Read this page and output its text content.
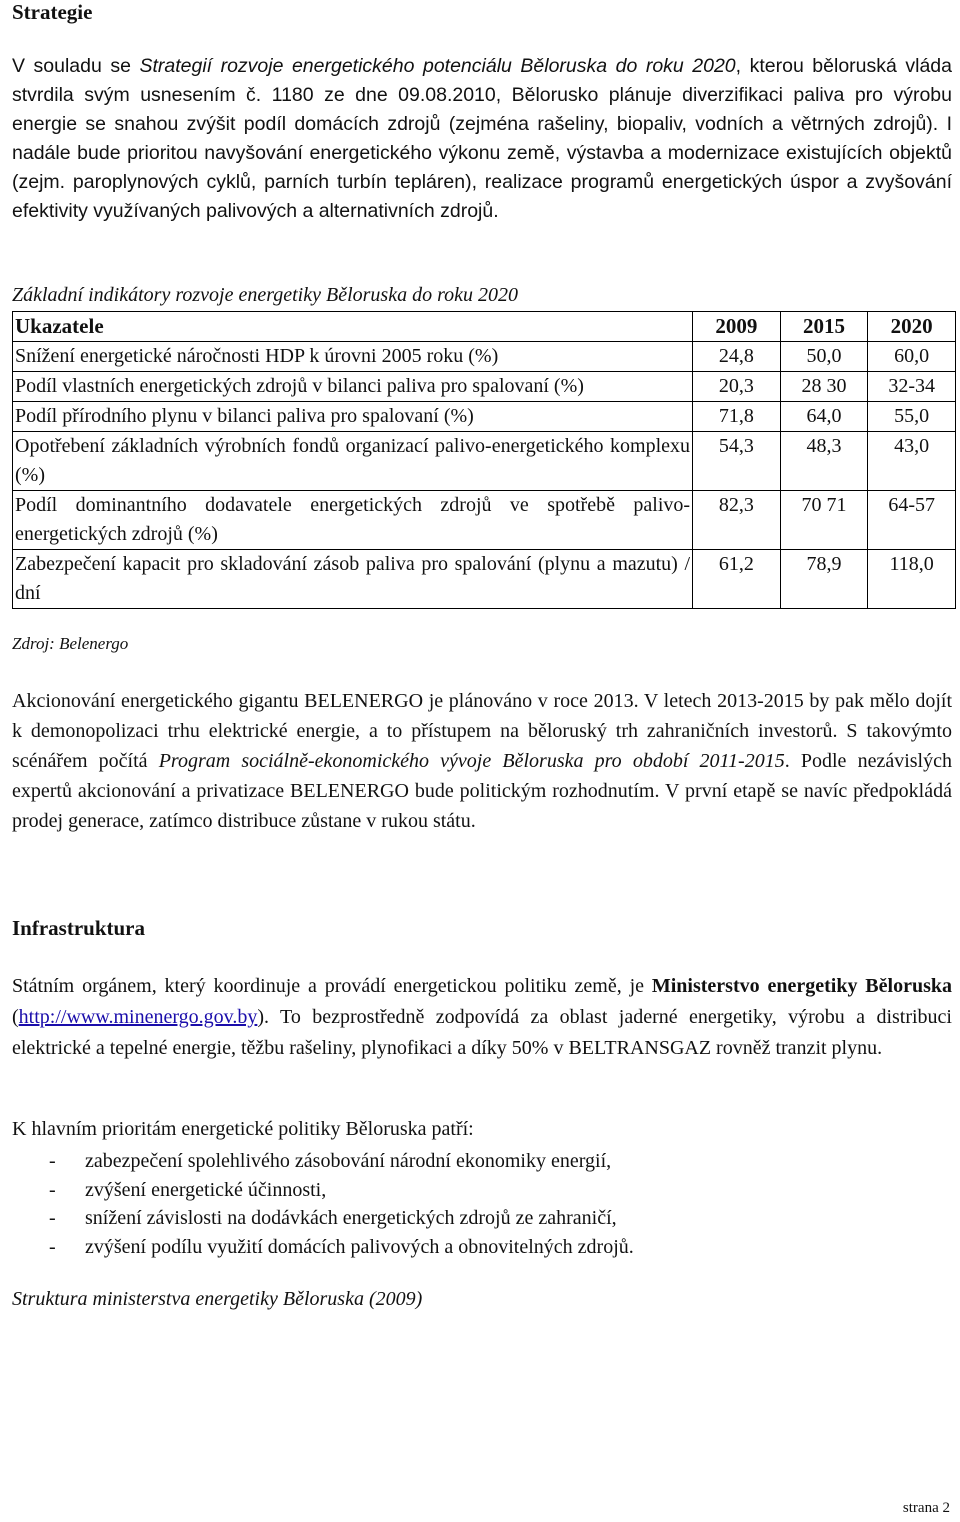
Strategie

V souladu se Strategií rozvoje energetického potenciálu Běloruska do roku 2020, kterou běloruská vláda stvrdila svým usnesením č. 1180 ze dne 09.08.2010, Bělorusko plánuje diverzifikaci paliva pro výrobu energie se snahou zvýšit podíl domácích zdrojů (zejména rašeliny, biopaliv, vodních a větrných zdrojů). I nadále bude prioritou navyšování energetického výkonu země, výstavba a modernizace existujících objektů (zejm. paroplynových cyklů, parních turbín tepláren), realizace programů energetických úspor a zvyšování efektivity využívaných palivových a alternativních zdrojů.

Základní indikátory rozvoje energetiky Běloruska do roku 2020
Ukazatele	2009	2015	2020
Snížení energetické náročnosti HDP k úrovni 2005 roku (%)	24,8	50,0	60,0
Podíl vlastních energetických zdrojů v bilanci paliva pro spalovaní (%)	20,3	28 30	32-34
Podíl přírodního plynu v bilanci paliva pro spalovaní (%)	71,8	64,0	55,0
Opotřebení základních výrobních fondů organizací palivo-energetického komplexu (%)	54,3	48,3	43,0
Podíl dominantního dodavatele energetických zdrojů ve spotřebě palivo-energetických zdrojů (%)	82,3	70 71	64-57
Zabezpečení kapacit pro skladování zásob paliva pro spalování (plynu a mazutu) / dní	61,2	78,9	118,0
Zdroj: Belenergo

Akcionování energetického gigantu BELENERGO je plánováno v roce 2013. V letech 2013-2015 by pak mělo dojít k demonopolizaci trhu elektrické energie, a to přístupem na běloruský trh zahraničních investorů. S takovýmto scénářem počítá Program sociálně-ekonomického vývoje Běloruska pro období 2011-2015. Podle nezávislých expertů akcionování a privatizace BELENERGO bude politickým rozhodnutím. V první etapě se navíc předpokládá prodej generace, zatímco distribuce zůstane v rukou státu.

Infrastruktura

Státním orgánem, který koordinuje a provádí energetickou politiku země, je Ministerstvo energetiky Běloruska (http://www.minenergo.gov.by). To bezprostředně zodpovídá za oblast jaderné energetiky, výrobu a distribuci elektrické a tepelné energie, těžbu rašeliny, plynofikaci a díky 50% v BELTRANSGAZ rovněž tranzit plynu.

K hlavním prioritám energetické politiky Běloruska patří:
- zabezpečení spolehlivého zásobování národní ekonomiky energií,
- zvýšení energetické účinnosti,
- snížení závislosti na dodávkách energetických zdrojů ze zahraničí,
- zvýšení podílu využití domácích palivových a obnovitelných zdrojů.
Struktura ministerstva energetiky Běloruska (2009)
strana 2
